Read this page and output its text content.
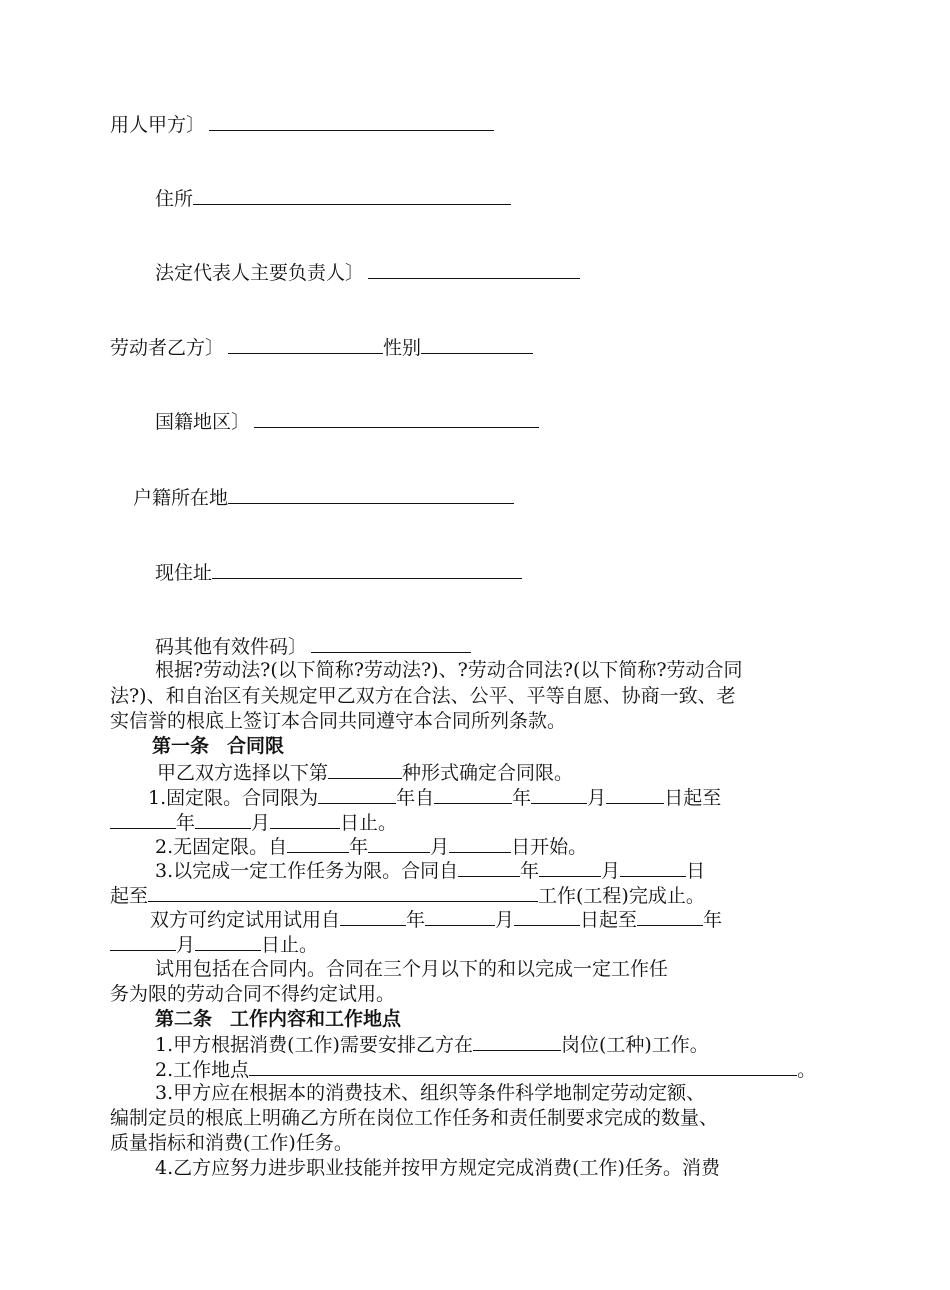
用人甲方〕
住所
法定代表人主要负责人〕
劳动者乙方〕	性别
国籍地区〕
户籍所在地
现住址
码其他有效件码〕
根据?劳动法?(以下简称?劳动法?)、?劳动合同法?(以下简称?劳动合同
法?)、和自治区有关规定甲乙双方在合法、公平、平等自愿、协商一致、老
实信誉的根底上签订本合同共同遵守本合同所列条款。
第一条 合同限
甲乙双方选择以下第	种形式确定合同限。
1.固定限。合同限为	年自	年	月	日起至
年	月	日止。
2.无固定限。自	年	月	日开始。
3.以完成一定工作任务为限。合同自	年	月	日
起至	工作(工程)完成止。
双方可约定试用试用自	年	月	日起至	年
月	日止。
试用包括在合同内。合同在三个月以下的和以完成一定工作任
务为限的劳动合同不得约定试用。
第二条 工作内容和工作地点
1.甲方根据消费(工作)需要安排乙方在	岗位(工种)工作。
2.工作地点	。
3.甲方应在根据本的消费技术、组织等条件科学地制定劳动定额、
编制定员的根底上明确乙方所在岗位工作任务和责任制要求完成的数量、
质量指标和消费(工作)任务。
4.乙方应努力进步职业技能并按甲方规定完成消费(工作)任务。消费
